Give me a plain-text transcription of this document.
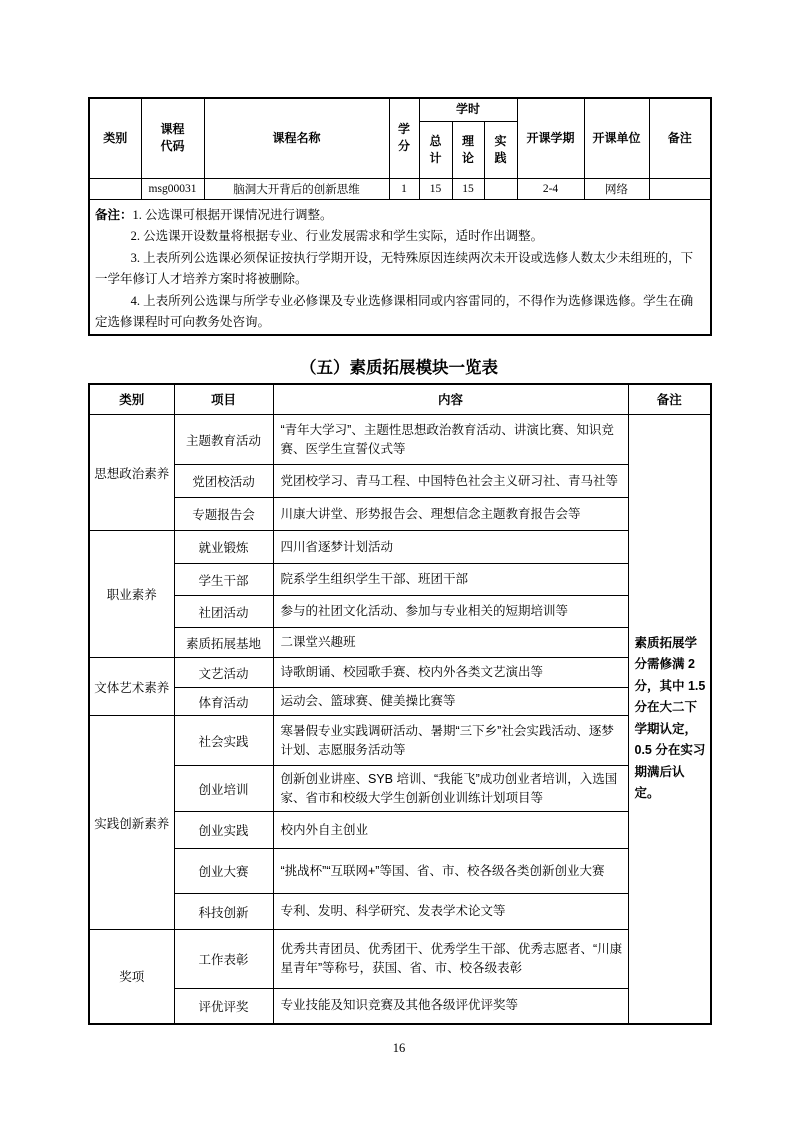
类别	课程代码	课程名称	学分	学时			开课学期	开课单位	备注
				总计	理论	实践			
	msg00031	脑洞大开背后的创新思维	1	15	15		2-4	网络	

备注：1. 公选课可根据开课情况进行调整。

2. 公选课开设数量将根据专业、行业发展需求和学生实际，适时作出调整。

3. 上表所列公选课必须保证按执行学期开设，无特殊原因连续两次未开设或选修人数太少未组班的，下一学年修订人才培养方案时将被删除。

4. 上表所列公选课与所学专业必修课及专业选修课相同或内容雷同的，不得作为选修课选修。学生在确定选修课程时可向教务处咨询。									

（五）素质拓展模块一览表
类别	项目	内容	备注
思想政治素养	主题教育活动	“青年大学习”、主题性思想政治教育活动、讲演比赛、知识竞赛、医学生宣誓仪式等	素质拓展学分需修满 2 分，其中 1.5 分在大二下学期认定，0.5 分在实习期满后认定。
	党团校活动	党团校学习、青马工程、中国特色社会主义研习社、青马社等	
	专题报告会	川康大讲堂、形势报告会、理想信念主题教育报告会等	
职业素养	就业锻炼	四川省逐梦计划活动	
	学生干部	院系学生组织学生干部、班团干部	
	社团活动	参与的社团文化活动、参加与专业相关的短期培训等	
	素质拓展基地	二课堂兴趣班	
文体艺术素养	文艺活动	诗歌朗诵、校园歌手赛、校内外各类文艺演出等	
	体育活动	运动会、篮球赛、健美操比赛等	
实践创新素养	社会实践	寒暑假专业实践调研活动、暑期“三下乡”社会实践活动、逐梦计划、志愿服务活动等	
	创业培训	创新创业讲座、SYB 培训、“我能飞”成功创业者培训，入选国家、省市和校级大学生创新创业训练计划项目等	
	创业实践	校内外自主创业	
	创业大赛	“挑战杯”“互联网+”等国、省、市、校各级各类创新创业大赛	
	科技创新	专利、发明、科学研究、发表学术论文等	
奖项	工作表彰	优秀共青团员、优秀团干、优秀学生干部、优秀志愿者、“川康星青年”等称号，获国、省、市、校各级表彰	
	评优评奖	专业技能及知识竞赛及其他各级评优评奖等	
16
